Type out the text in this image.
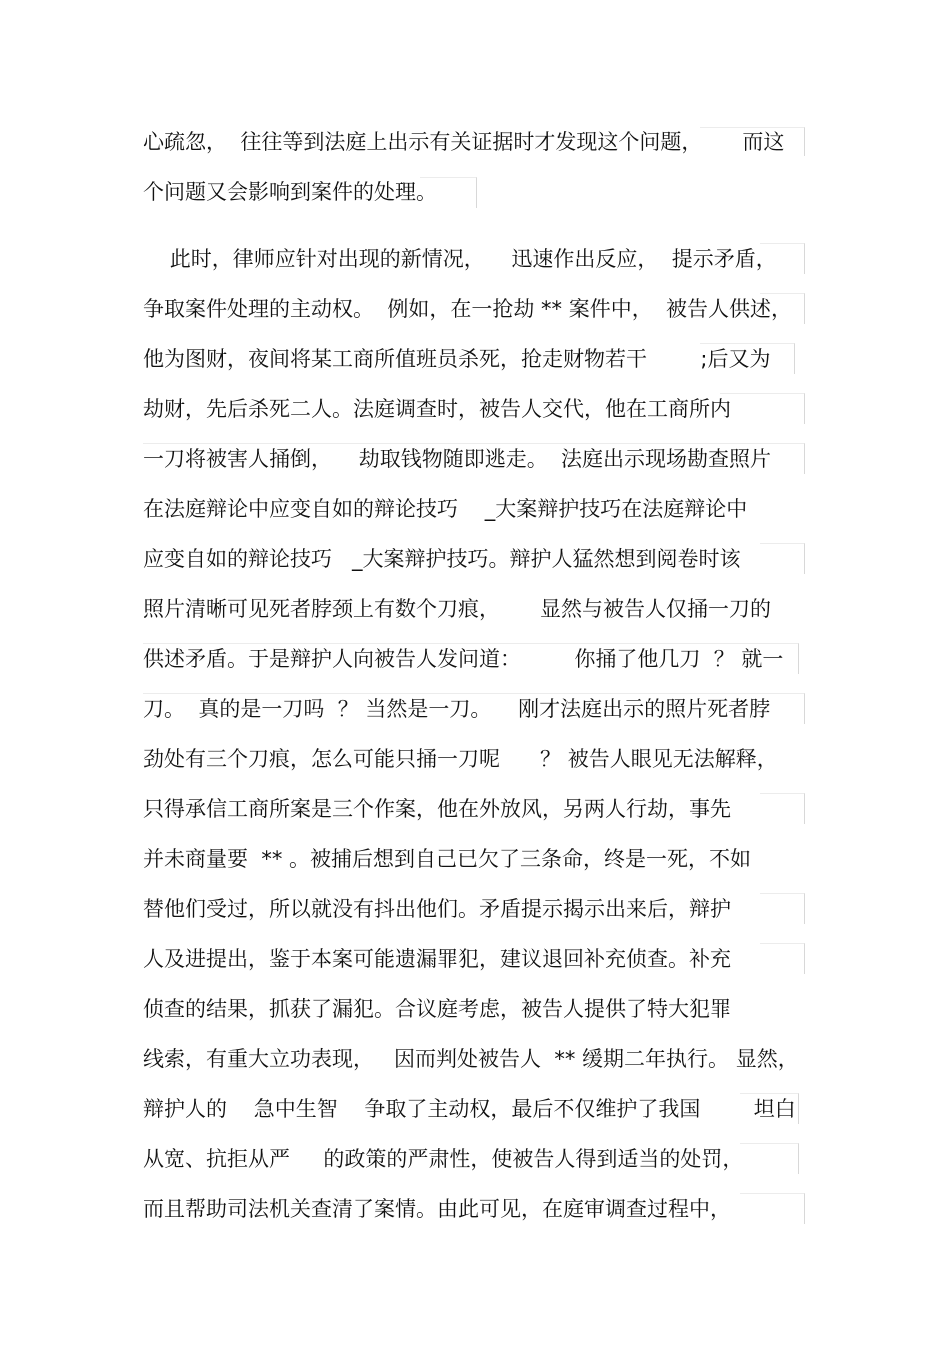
心疏忽，  往往等到法庭上出示有关证据时才发现这个问题，      而这
个问题又会影响到案件的处理。
此时，律师应针对出现的新情况，    迅速作出反应，  提示矛盾，
争取案件处理的主动权。  例如，在一抢劫 ** 案件中，  被告人供述，
他为图财，夜间将某工商所值班员杀死，抢走财物若干        ;后又为
劫财，先后杀死二人。法庭调查时，被告人交代，他在工商所内
一刀将被害人捅倒，    劫取钱物随即逃走。  法庭出示现场勘查照片
在法庭辩论中应变自如的辩论技巧    _大案辩护技巧在法庭辩论中
应变自如的辩论技巧   _大案辩护技巧。辩护人猛然想到阅卷时该
照片清晰可见死者脖颈上有数个刀痕，      显然与被告人仅捅一刀的
供述矛盾。于是辩护人向被告人发问道：        你捅了他几刀  ？ 就一
刀。  真的是一刀吗  ？ 当然是一刀。    刚才法庭出示的照片死者脖
劲处有三个刀痕，怎么可能只捅一刀呢      ？ 被告人眼见无法解释，
只得承信工商所案是三个作案，他在外放风，另两人行劫，事先
并未商量要  ** 。被捕后想到自己已欠了三条命，终是一死，不如
替他们受过，所以就没有抖出他们。矛盾提示揭示出来后，辩护
人及进提出，鉴于本案可能遗漏罪犯，建议退回补充侦查。补充
侦查的结果，抓获了漏犯。合议庭考虑，被告人提供了特大犯罪
线索，有重大立功表现，   因而判处被告人  ** 缓期二年执行。 显然，
辩护人的    急中生智    争取了主动权，最后不仅维护了我国        坦白
从宽、抗拒从严     的政策的严肃性，使被告人得到适当的处罚，
而且帮助司法机关查清了案情。由此可见，在庭审调查过程中，
